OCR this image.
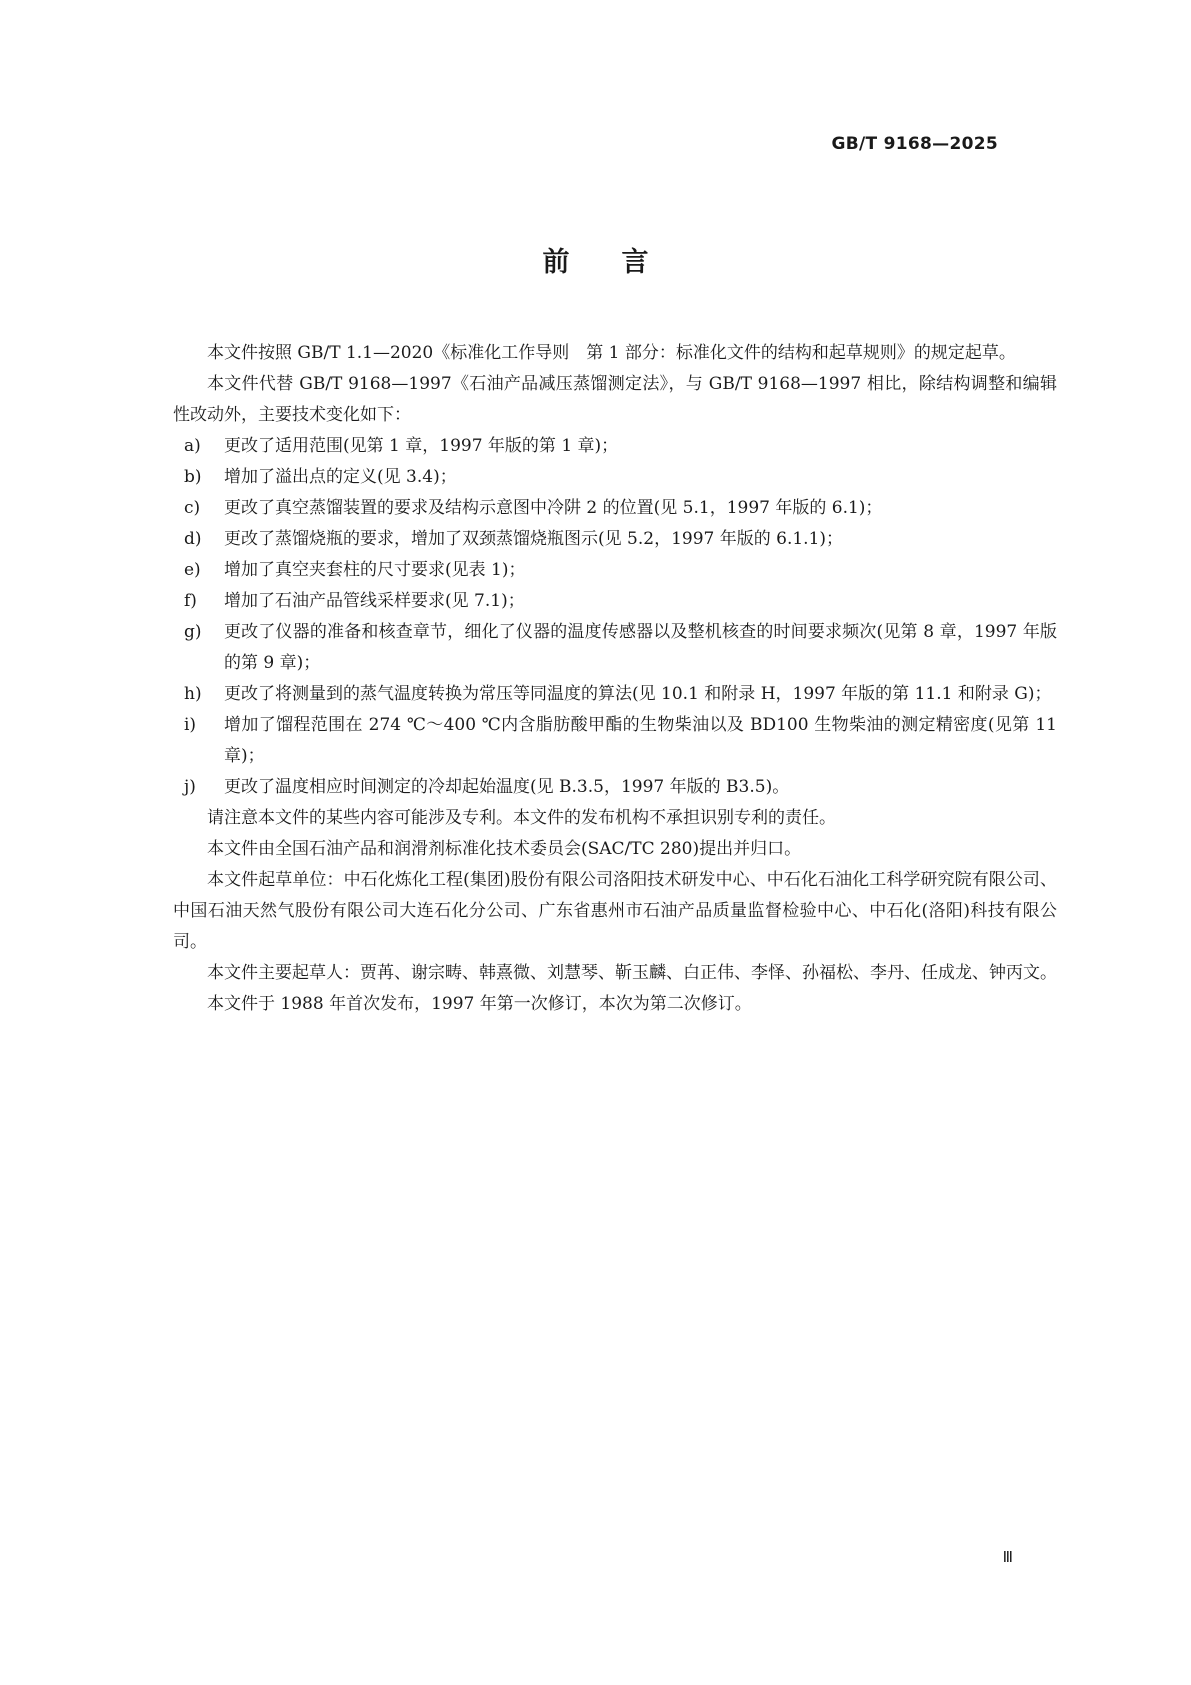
GB/T 9168—2025
前 言

本文件按照 GB/T 1.1—2020《标准化工作导则　第 1 部分：标准化文件的结构和起草规则》的规定起草。

本文件代替 GB/T 9168—1997《石油产品减压蒸馏测定法》，与 GB/T 9168—1997 相比，除结构调整和编辑性改动外，主要技术变化如下：

a)	更改了适用范围(见第 1 章，1997 年版的第 1 章)；
b)	增加了溢出点的定义(见 3.4)；
c)	更改了真空蒸馏装置的要求及结构示意图中冷阱 2 的位置(见 5.1，1997 年版的 6.1)；
d)	更改了蒸馏烧瓶的要求，增加了双颈蒸馏烧瓶图示(见 5.2，1997 年版的 6.1.1)；
e)	增加了真空夹套柱的尺寸要求(见表 1)；
f)	增加了石油产品管线采样要求(见 7.1)；
g)	更改了仪器的准备和核查章节，细化了仪器的温度传感器以及整机核查的时间要求频次(见第 8 章，1997 年版的第 9 章)；
h)	更改了将测量到的蒸气温度转换为常压等同温度的算法(见 10.1 和附录 H，1997 年版的第 11.1 和附录 G)；
i)	增加了馏程范围在 274 ℃～400 ℃内含脂肪酸甲酯的生物柴油以及 BD100 生物柴油的测定精密度(见第 11 章)；
j)	更改了温度相应时间测定的冷却起始温度(见 B.3.5，1997 年版的 B3.5)。

请注意本文件的某些内容可能涉及专利。本文件的发布机构不承担识别专利的责任。

本文件由全国石油产品和润滑剂标准化技术委员会(SAC/TC 280)提出并归口。

本文件起草单位：中石化炼化工程(集团)股份有限公司洛阳技术研发中心、中石化石油化工科学研究院有限公司、中国石油天然气股份有限公司大连石化分公司、广东省惠州市石油产品质量监督检验中心、中石化(洛阳)科技有限公司。

本文件主要起草人：贾苒、谢宗畴、韩熹微、刘慧琴、靳玉麟、白正伟、李怿、孙福松、李丹、任成龙、钟丙文。

本文件于 1988 年首次发布，1997 年第一次修订，本次为第二次修订。

Ⅲ
